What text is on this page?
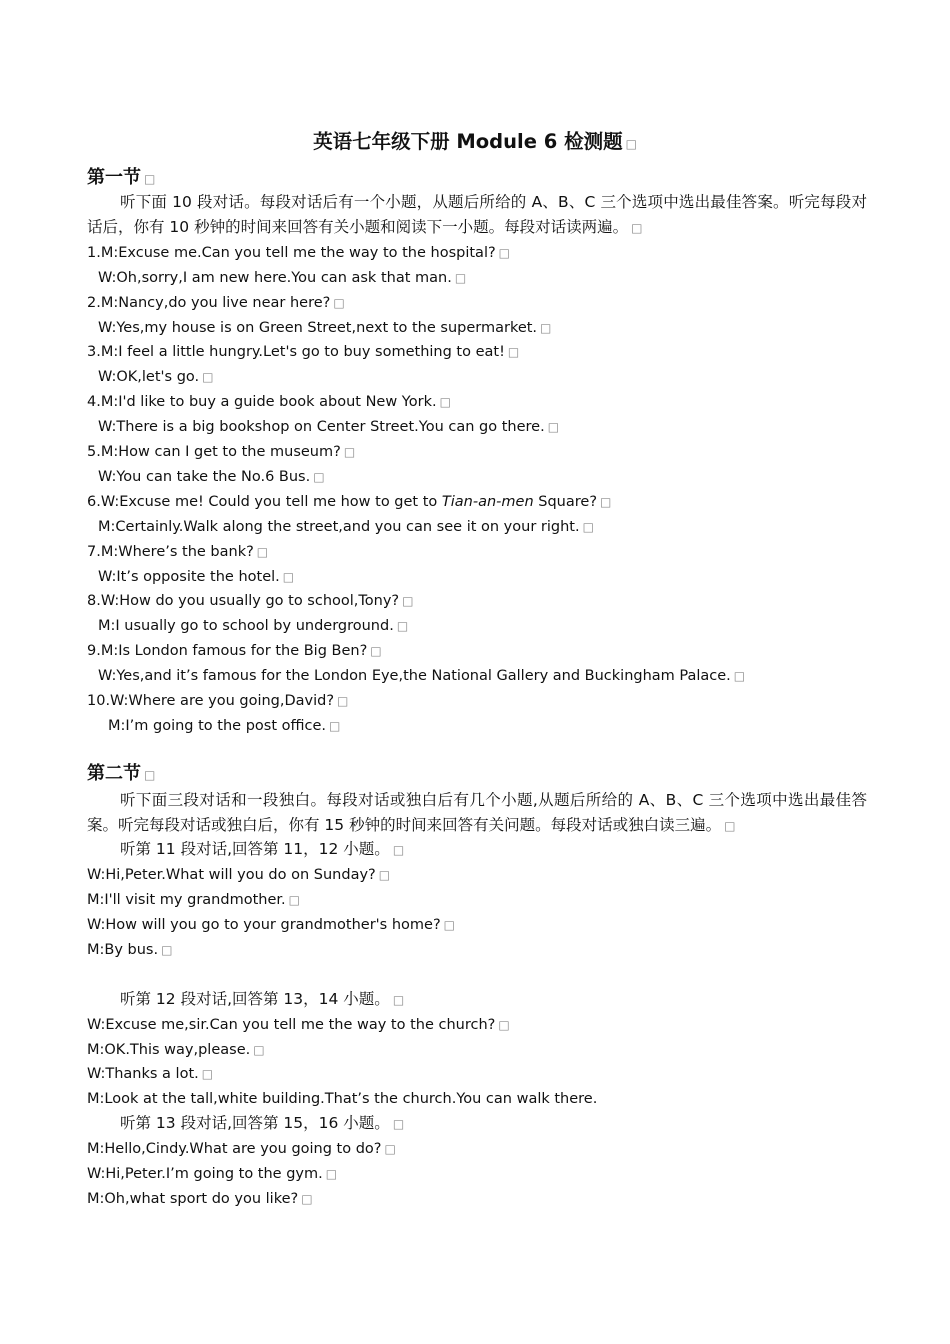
英语七年级下册 Module 6 检测题□
第一节□
听下面 10 段对话。每段对话后有一个小题，从题后所给的 A、B、C 三个选项中选出最佳答案。听完每段对话后，你有 10 秒钟的时间来回答有关小题和阅读下一小题。每段对话读两遍。□
1.M:Excuse me.Can you tell me the way to the hospital?□
W:Oh,sorry,I am new here.You can ask that man.□
2.M:Nancy,do you live near here?□
W:Yes,my house is on Green Street,next to the supermarket.□
3.M:I feel a little hungry.Let's go to buy something to eat!□
W:OK,let's go.□
4.M:I'd like to buy a guide book about New York.□
W:There is a big bookshop on Center Street.You can go there.□
5.M:How can I get to the museum?□
W:You can take the No.6 Bus.□
6.W:Excuse me! Could you tell me how to get to Tian-an-men Square?□
M:Certainly.Walk along the street,and you can see it on your right.□
7.M:Where’s the bank?□
W:It’s opposite the hotel.□
8.W:How do you usually go to school,Tony?□
M:I usually go to school by underground.□
9.M:Is London famous for the Big Ben?□
W:Yes,and it’s famous for the London Eye,the National Gallery and Buckingham Palace.□
10.W:Where are you going,David?□
M:I’m going to the post office.□
第二节□
听下面三段对话和一段独白。每段对话或独白后有几个小题,从题后所给的 A、B、C 三个选项中选出最佳答案。听完每段对话或独白后，你有 15 秒钟的时间来回答有关问题。每段对话或独白读三遍。□
听第 11 段对话,回答第 11，12 小题。□
W:Hi,Peter.What will you do on Sunday?□
M:I'll visit my grandmother.□
W:How will you go to your grandmother's home?□
M:By bus.□
听第 12 段对话,回答第 13，14 小题。□
W:Excuse me,sir.Can you tell me the way to the church?□
M:OK.This way,please.□
W:Thanks a lot.□
M:Look at the tall,white building.That’s the church.You can walk there.
听第 13 段对话,回答第 15，16 小题。□
M:Hello,Cindy.What are you going to do?□
W:Hi,Peter.I’m going to the gym.□
M:Oh,what sport do you like?□
